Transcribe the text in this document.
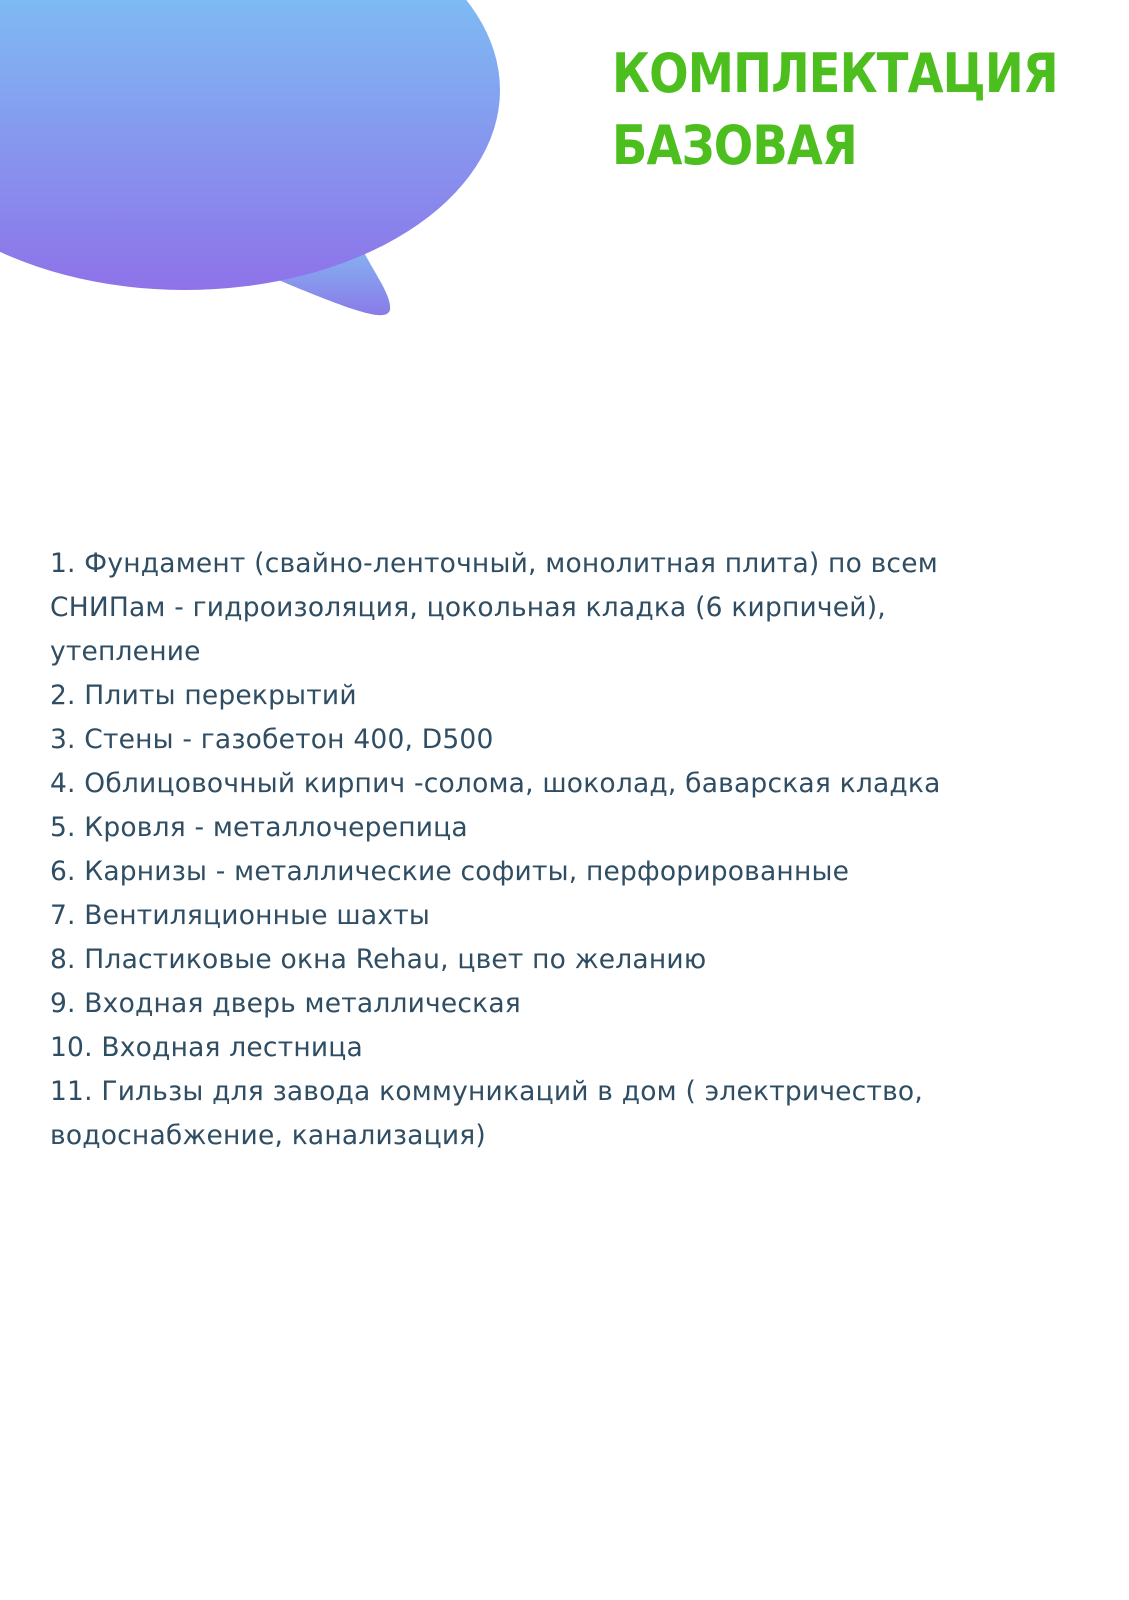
КОМПЛЕКТАЦИЯ
БАЗОВАЯ
1. Фундамент (свайно-ленточный, монолитная плита) по всем СНИПам - гидроизоляция, цокольная кладка (6 кирпичей), утепление
2. Плиты перекрытий
3. Стены - газобетон 400, D500
4. Облицовочный кирпич -солома, шоколад, баварская кладка
5. Кровля - металлочерепица
6. Карнизы - металлические софиты, перфорированные
7. Вентиляционные шахты
8. Пластиковые окна Rehau, цвет по желанию
9. Входная дверь металлическая
10. Входная лестница
11. Гильзы для завода коммуникаций в дом ( электричество, водоснабжение, канализация)
